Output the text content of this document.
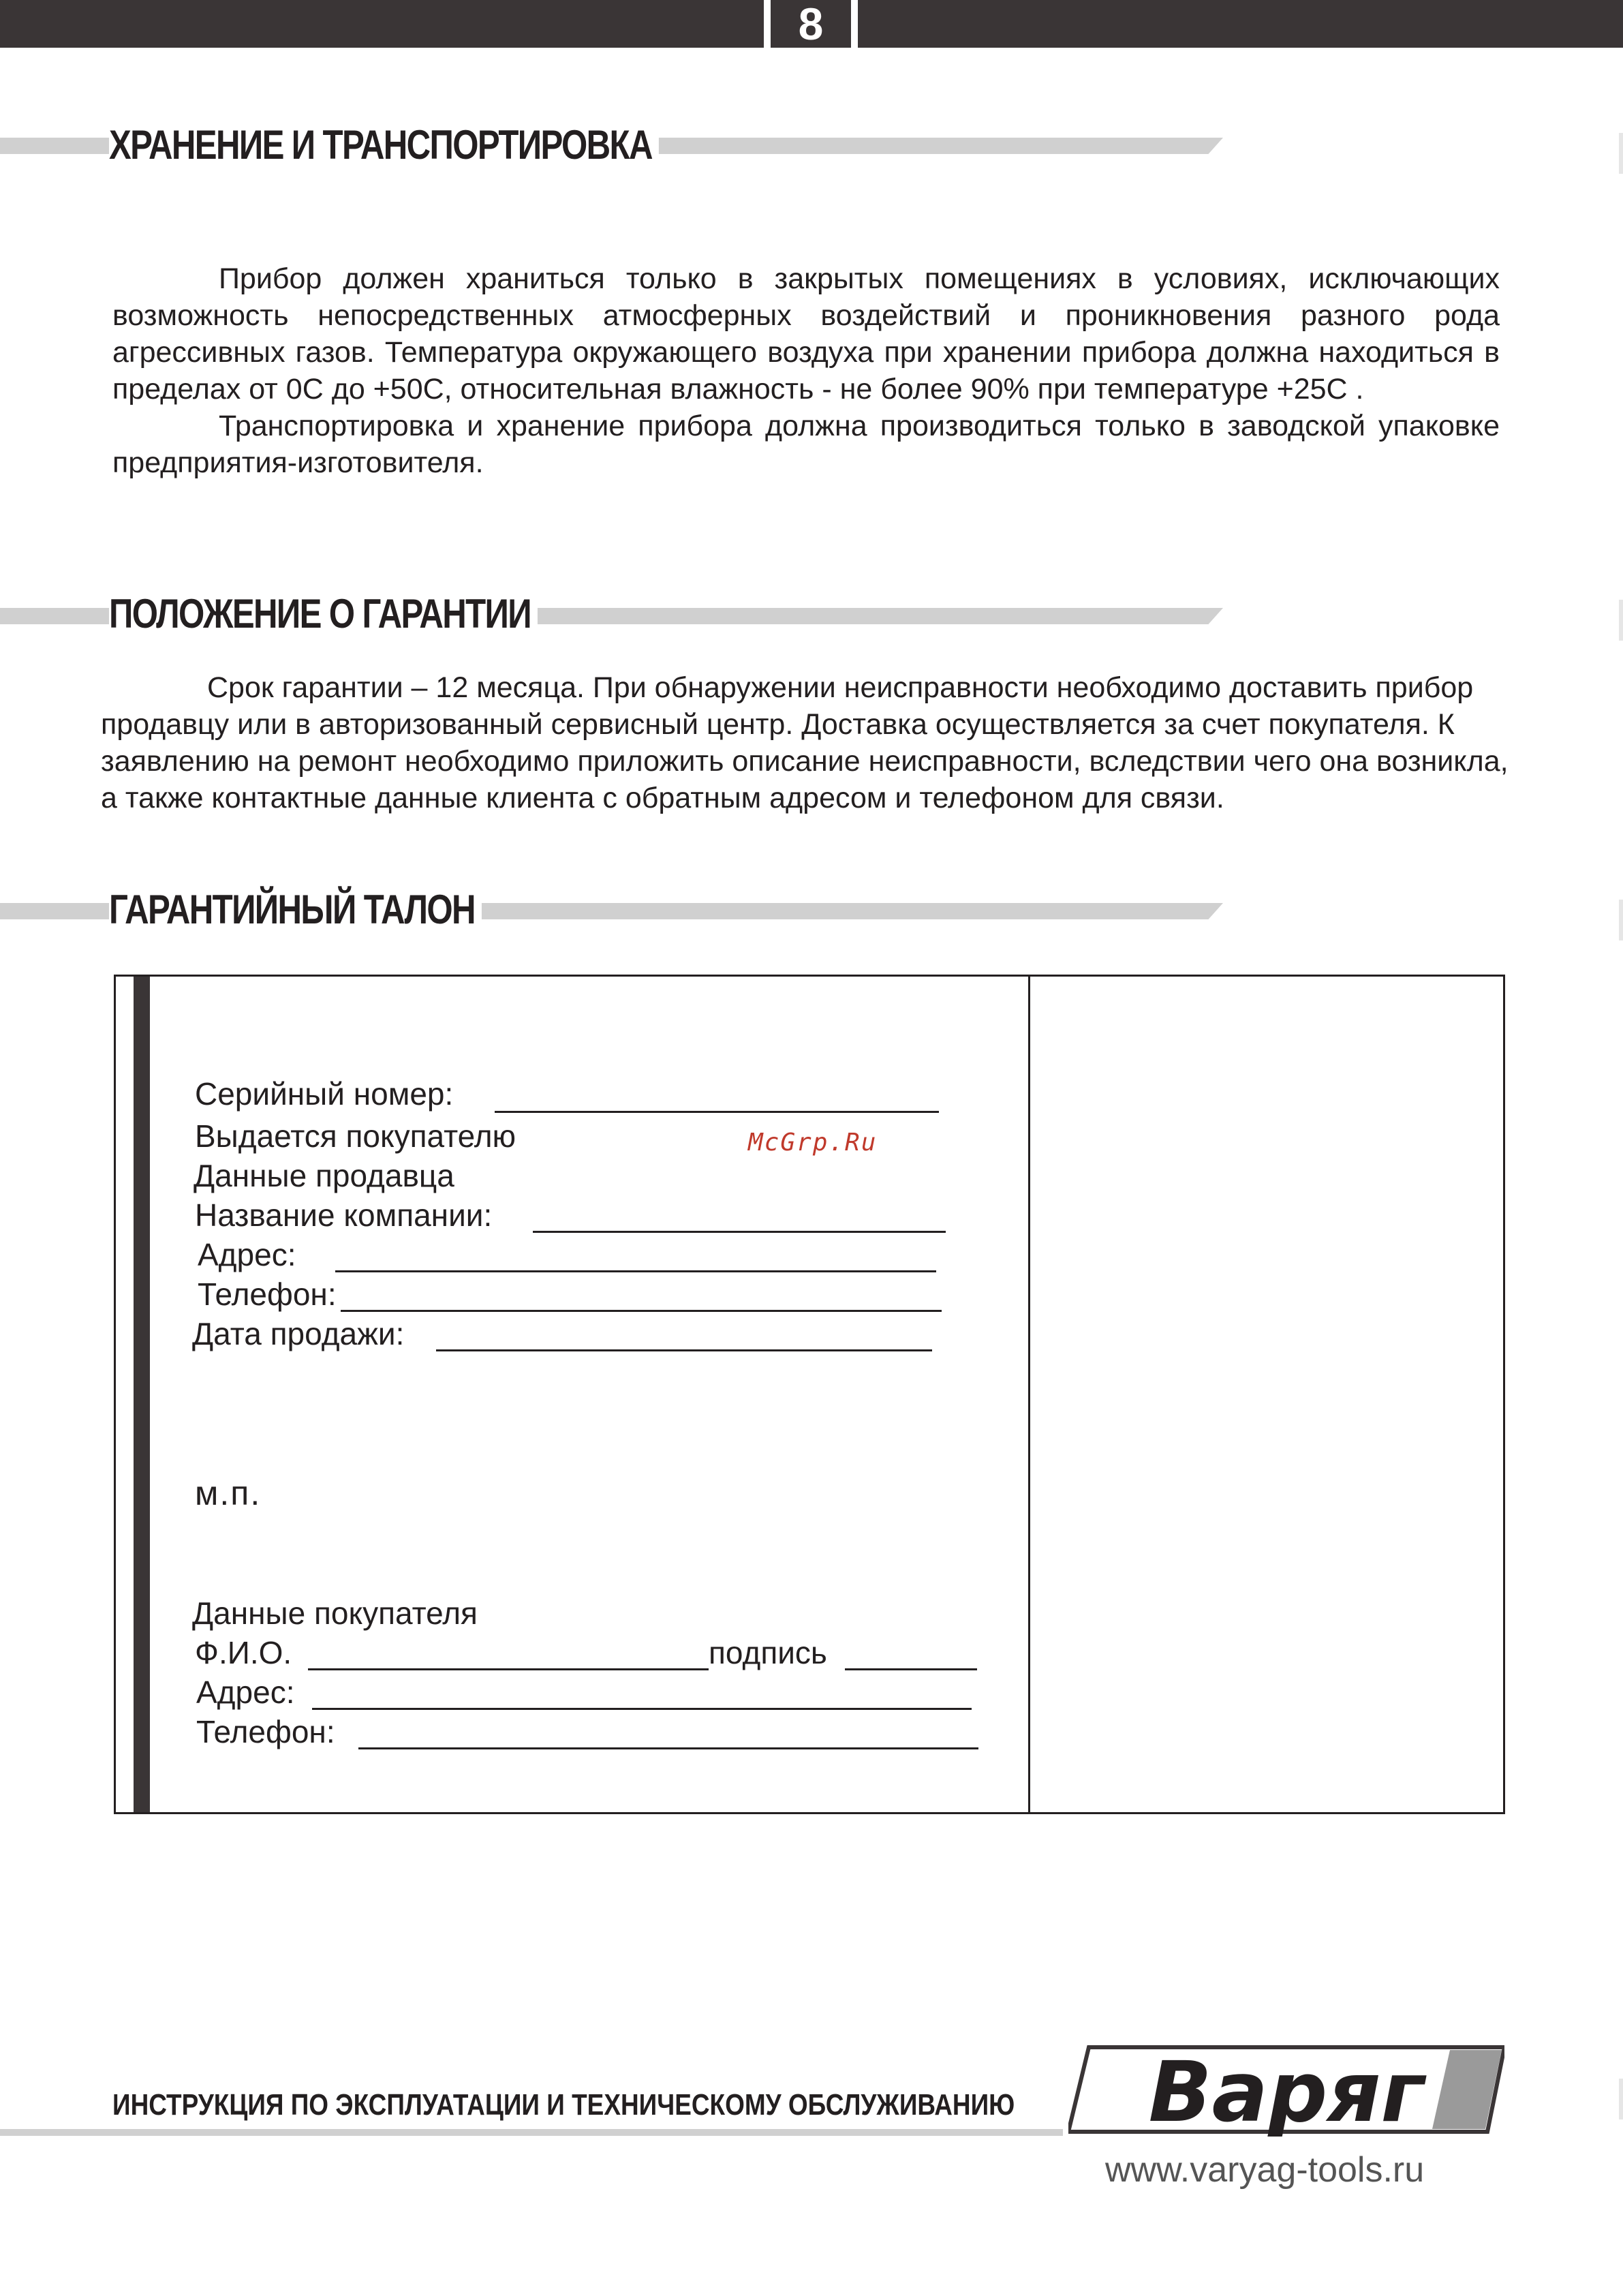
8
ХРАНЕНИЕ И ТРАНСПОРТИРОВКА

Прибор должен храниться только в закрытых помещениях в условиях, исключающих возможность непосредственных атмосферных воздействий и проникновения разного рода агрессивных газов. Температура окружающего воздуха при хранении прибора должна находиться в пределах от 0С до +50С, относительная влажность - не более 90% при температуре +25С .

Транспортировка и хранение прибора должна производиться только в заводской упаковке предприятия-изготовителя.

ПОЛОЖЕНИЕ О ГАРАНТИИ

Срок гарантии – 12 месяца. При обнаружении неисправности необходимо доставить прибор продавцу или в авторизованный сервисный центр. Доставка осуществляется за счет покупателя. К заявлению на ремонт необходимо приложить описание неисправности, вследствии чего она возникла, а также контактные данные клиента с обратным адресом и телефоном для связи.

ГАРАНТИЙНЫЙ ТАЛОН
Серийный номер:
Выдается покупателю	McGrp.Ru
Данные продавца
Название компании:
Адрес:
Телефон:
Дата продажи:
м.п.
Данные покупателя
Ф.И.О.	подпись
Адрес:
Телефон:
ИНСТРУКЦИЯ ПО ЭКСПЛУАТАЦИИ И ТЕХНИЧЕСКОМУ ОБСЛУЖИВАНИЮ Варяг
www.varyag-tools.ru
